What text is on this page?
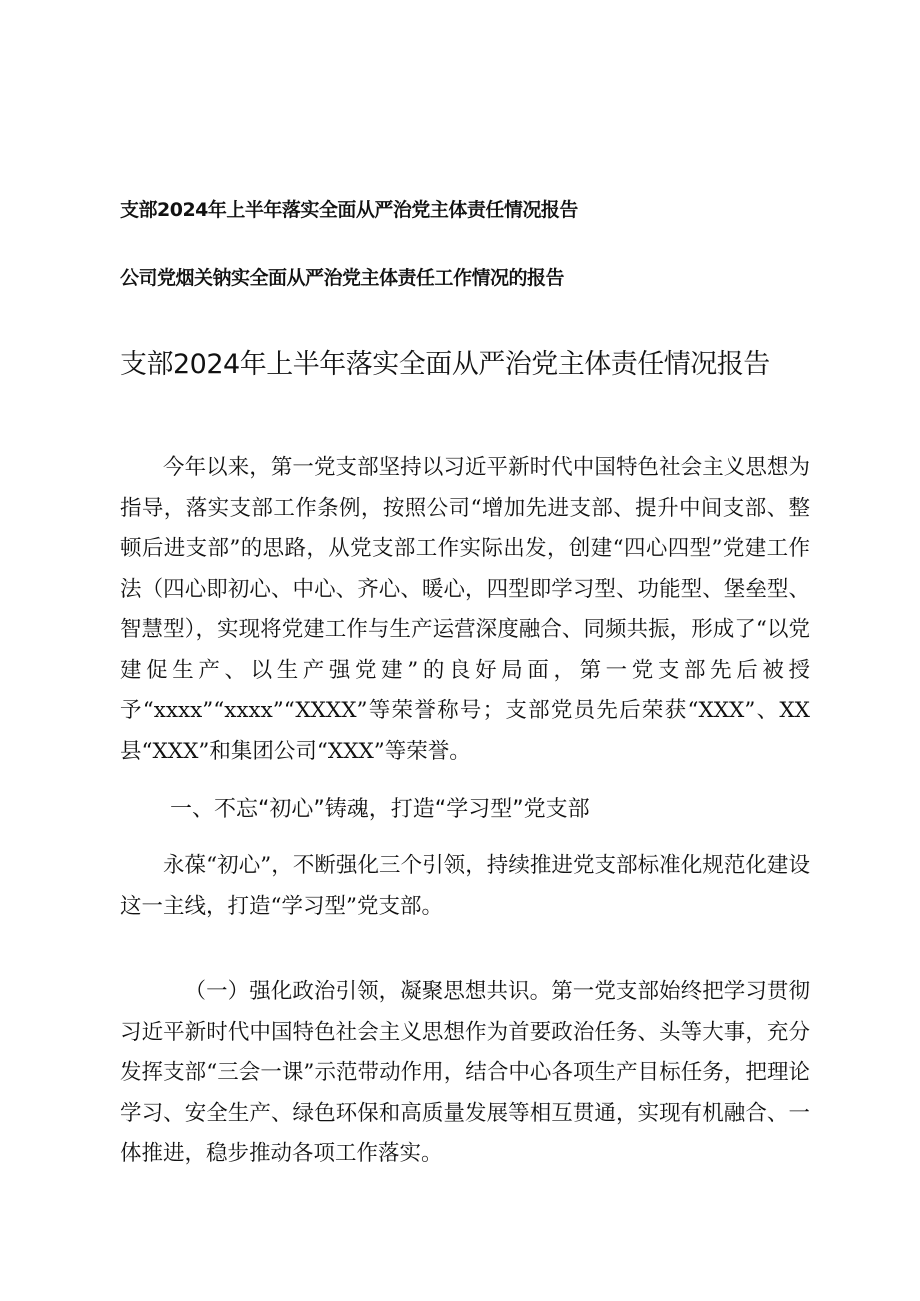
支部2024年上半年落实全面从严治党主体责任情况报告
公司党烟关钠实全面从严治党主体责任工作情况的报告
支部2024年上半年落实全面从严治党主体责任情况报告

今年以来，第一党支部坚持以习近平新时代中国特色社会主义思想为指导，落实支部工作条例，按照公司“增加先进支部、提升中间支部、整顿后进支部”的思路，从党支部工作实际出发，创建“四心四型”党建工作法（四心即初心、中心、齐心、暖心，四型即学习型、功能型、堡垒型、智慧型），实现将党建工作与生产运营深度融合、同频共振，形成了“以党建促生产、以生产强党建”的良好局面，第一党支部先后被授予“xxxx”“xxxx”“XXXX”等荣誉称号；支部党员先后荣获“XXX”、XX县“XXX”和集团公司“XXX”等荣誉。

一、不忘“初心”铸魂，打造“学习型”党支部

永葆“初心”，不断强化三个引领，持续推进党支部标准化规范化建设这一主线，打造“学习型”党支部。

（一）强化政治引领，凝聚思想共识。第一党支部始终把学习贯彻习近平新时代中国特色社会主义思想作为首要政治任务、头等大事，充分发挥支部“三会一课”示范带动作用，结合中心各项生产目标任务，把理论学习、安全生产、绿色环保和高质量发展等相互贯通，实现有机融合、一体推进，稳步推动各项工作落实。
